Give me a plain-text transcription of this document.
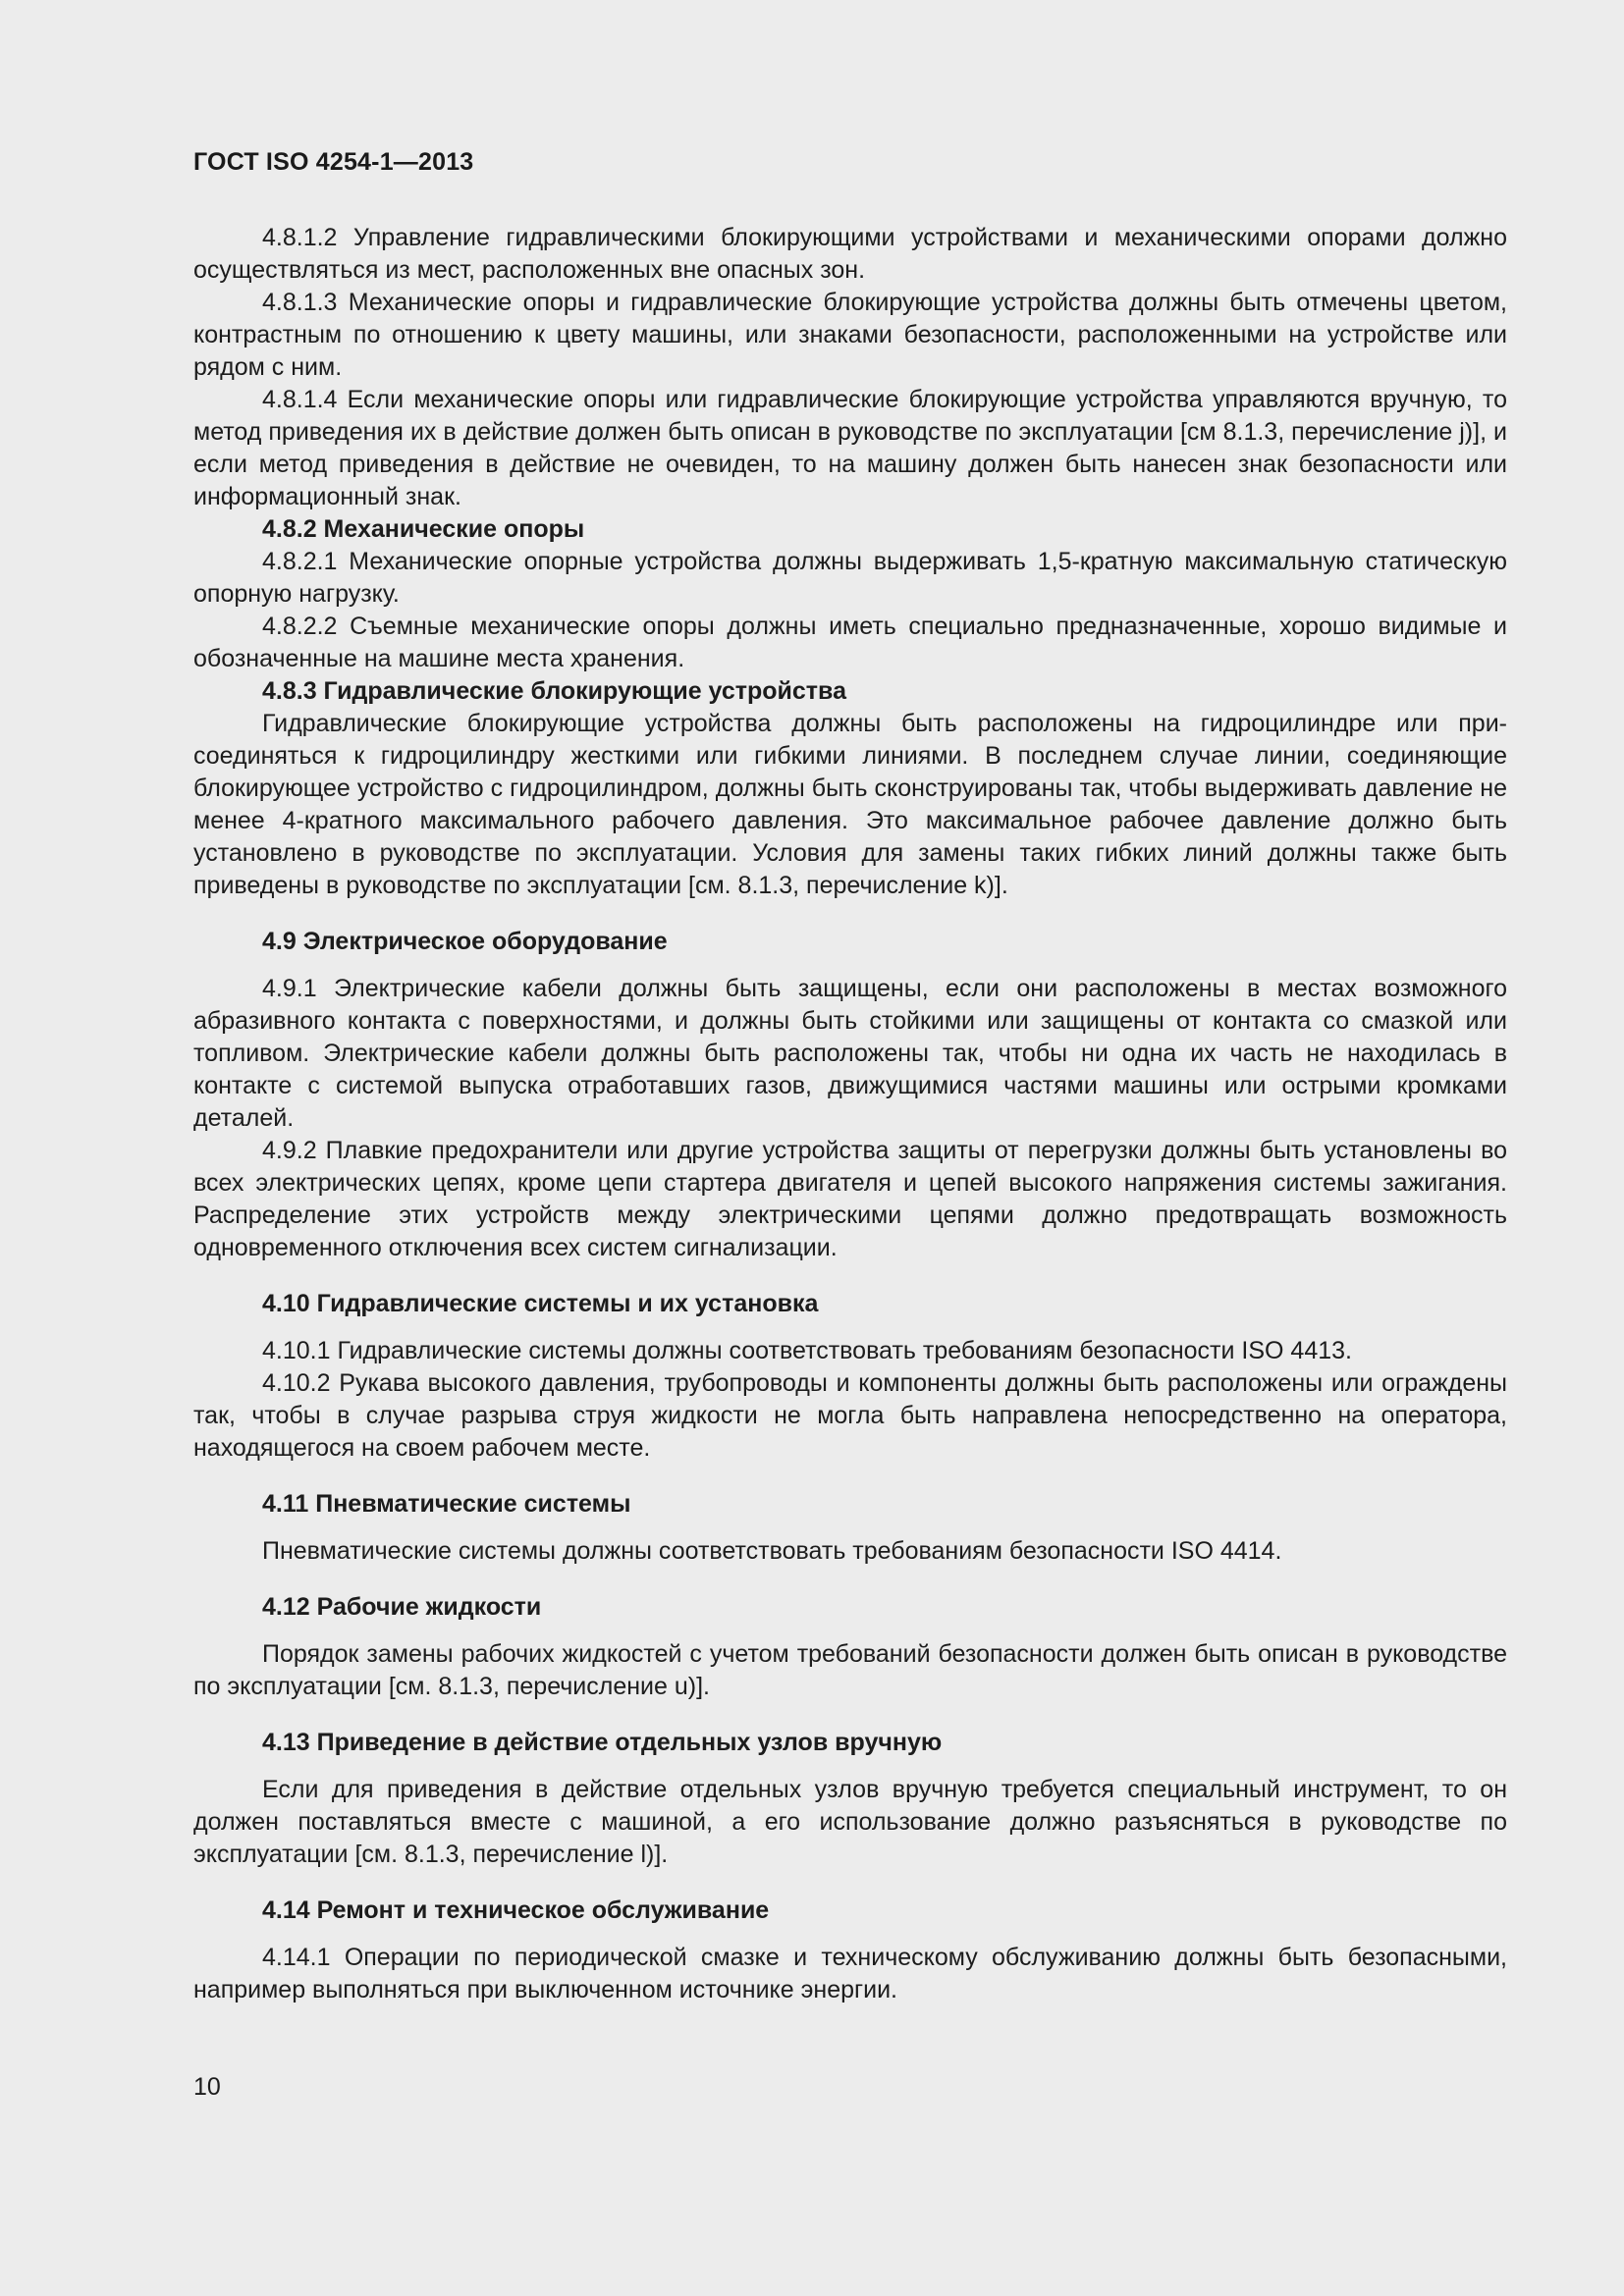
ГОСТ ISO 4254-1—2013

4.8.1.2 Управление гидравлическими блокирующими устройствами и механическими опорами должно осуществляться из мест, расположенных вне опасных зон.

4.8.1.3 Механические опоры и гидравлические блокирующие устройства должны быть отмечены цветом, контрастным по отношению к цвету машины, или знаками безопасности, расположенными на устройстве или рядом с ним.

4.8.1.4 Если механические опоры или гидравлические блокирующие устройства управляются вручную, то метод приведения их в действие должен быть описан в руководстве по эксплуатации [см 8.1.3, перечисление j)], и если метод приведения в действие не очевиден, то на машину должен быть нанесен знак безопасности или информационный знак.

4.8.2 Механические опоры

4.8.2.1 Механические опорные устройства должны выдерживать 1,5-кратную максимальную статическую опорную нагрузку.

4.8.2.2 Съемные механические опоры должны иметь специально предназначенные, хорошо видимые и обозначенные на машине места хранения.

4.8.3 Гидравлические блокирующие устройства

Гидравлические блокирующие устройства должны быть расположены на гидроцилиндре или присоединяться к гидроцилиндру жесткими или гибкими линиями. В последнем случае линии, соединяющие блокирующее устройство с гидроцилиндром, должны быть сконструированы так, чтобы выдерживать давление не менее 4-кратного максимального рабочего давления. Это максимальное рабочее давление должно быть установлено в руководстве по эксплуатации. Условия для замены таких гибких линий должны также быть приведены в руководстве по эксплуатации [см. 8.1.3, перечисление k)].

4.9 Электрическое оборудование

4.9.1 Электрические кабели должны быть защищены, если они расположены в местах возможного абразивного контакта с поверхностями, и должны быть стойкими или защищены от контакта со смазкой или топливом. Электрические кабели должны быть расположены так, чтобы ни одна их часть не находилась в контакте с системой выпуска отработавших газов, движущимися частями машины или острыми кромками деталей.

4.9.2 Плавкие предохранители или другие устройства защиты от перегрузки должны быть установлены во всех электрических цепях, кроме цепи стартера двигателя и цепей высокого напряжения системы зажигания. Распределение этих устройств между электрическими цепями должно предотвращать возможность одновременного отключения всех систем сигнализации.

4.10 Гидравлические системы и их установка

4.10.1 Гидравлические системы должны соответствовать требованиям безопасности ISO 4413.

4.10.2 Рукава высокого давления, трубопроводы и компоненты должны быть расположены или ограждены так, чтобы в случае разрыва струя жидкости не могла быть направлена непосредственно на оператора, находящегося на своем рабочем месте.

4.11 Пневматические системы

Пневматические системы должны соответствовать требованиям безопасности ISO 4414.

4.12 Рабочие жидкости

Порядок замены рабочих жидкостей с учетом требований безопасности должен быть описан в руководстве по эксплуатации [см. 8.1.3, перечисление u)].

4.13 Приведение в действие отдельных узлов вручную

Если для приведения в действие отдельных узлов вручную требуется специальный инструмент, то он должен поставляться вместе с машиной, а его использование должно разъясняться в руководстве по эксплуатации [см. 8.1.3, перечисление l)].

4.14 Ремонт и техническое обслуживание

4.14.1 Операции по периодической смазке и техническому обслуживанию должны быть безопасными, например выполняться при выключенном источнике энергии.

10
